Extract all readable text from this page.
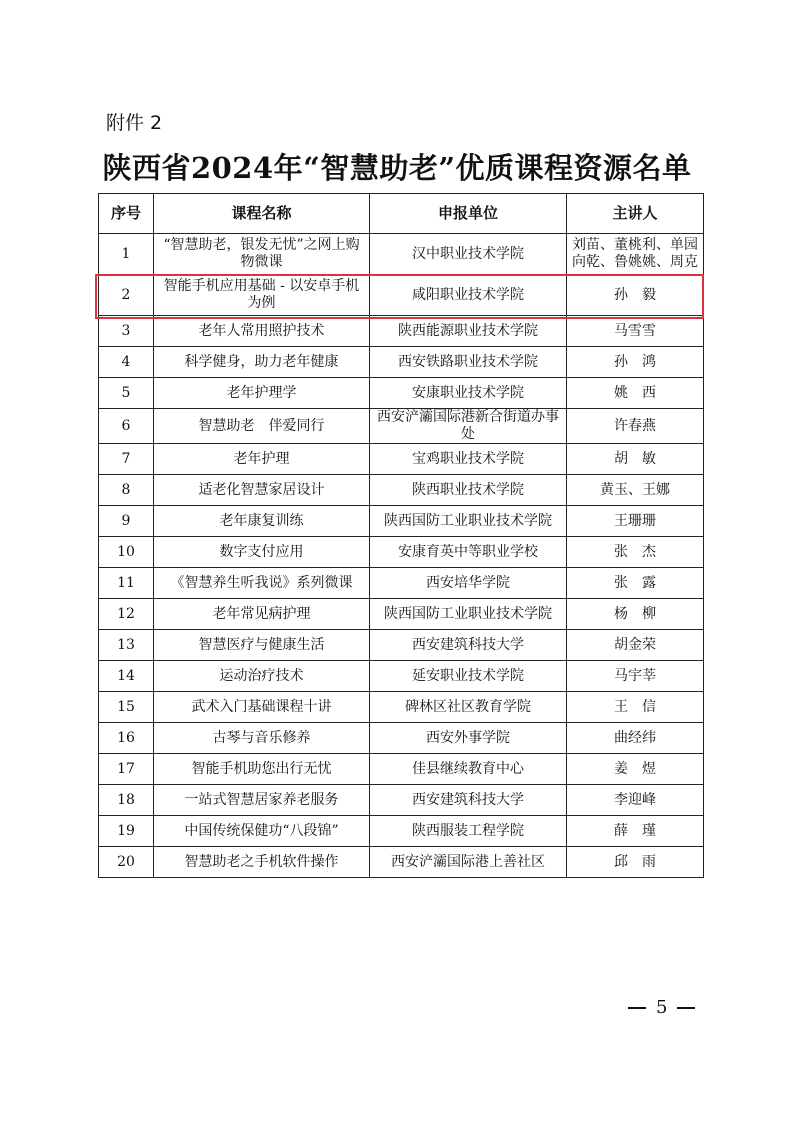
附件 2
陕西省2024年“智慧助老”优质课程资源名单
序号	课程名称	申报单位	主讲人
1	“智慧助老，银发无忧”之网上购物微课	汉中职业技术学院	刘苗、董桃利、单园向乾、鲁姚姚、周克
2	智能手机应用基础 - 以安卓手机为例	咸阳职业技术学院	孙　毅
3	老年人常用照护技术	陕西能源职业技术学院	马雪雪
4	科学健身，助力老年健康	西安铁路职业技术学院	孙　鸿
5	老年护理学	安康职业技术学院	姚　西
6	智慧助老　伴爱同行	西安浐灞国际港新合街道办事处	许春燕
7	老年护理	宝鸡职业技术学院	胡　敏
8	适老化智慧家居设计	陕西职业技术学院	黄玉、王娜
9	老年康复训练	陕西国防工业职业技术学院	王珊珊
10	数字支付应用	安康育英中等职业学校	张　杰
11	《智慧养生听我说》系列微课	西安培华学院	张　露
12	老年常见病护理	陕西国防工业职业技术学院	杨　柳
13	智慧医疗与健康生活	西安建筑科技大学	胡金荣
14	运动治疗技术	延安职业技术学院	马宇莘
15	武术入门基础课程十讲	碑林区社区教育学院	王　信
16	古琴与音乐修养	西安外事学院	曲经纬
17	智能手机助您出行无忧	佳县继续教育中心	姜　煜
18	一站式智慧居家养老服务	西安建筑科技大学	李迎峰
19	中国传统保健功“八段锦”	陕西服装工程学院	薛　瑾
20	智慧助老之手机软件操作	西安浐灞国际港上善社区	邱　雨
5
